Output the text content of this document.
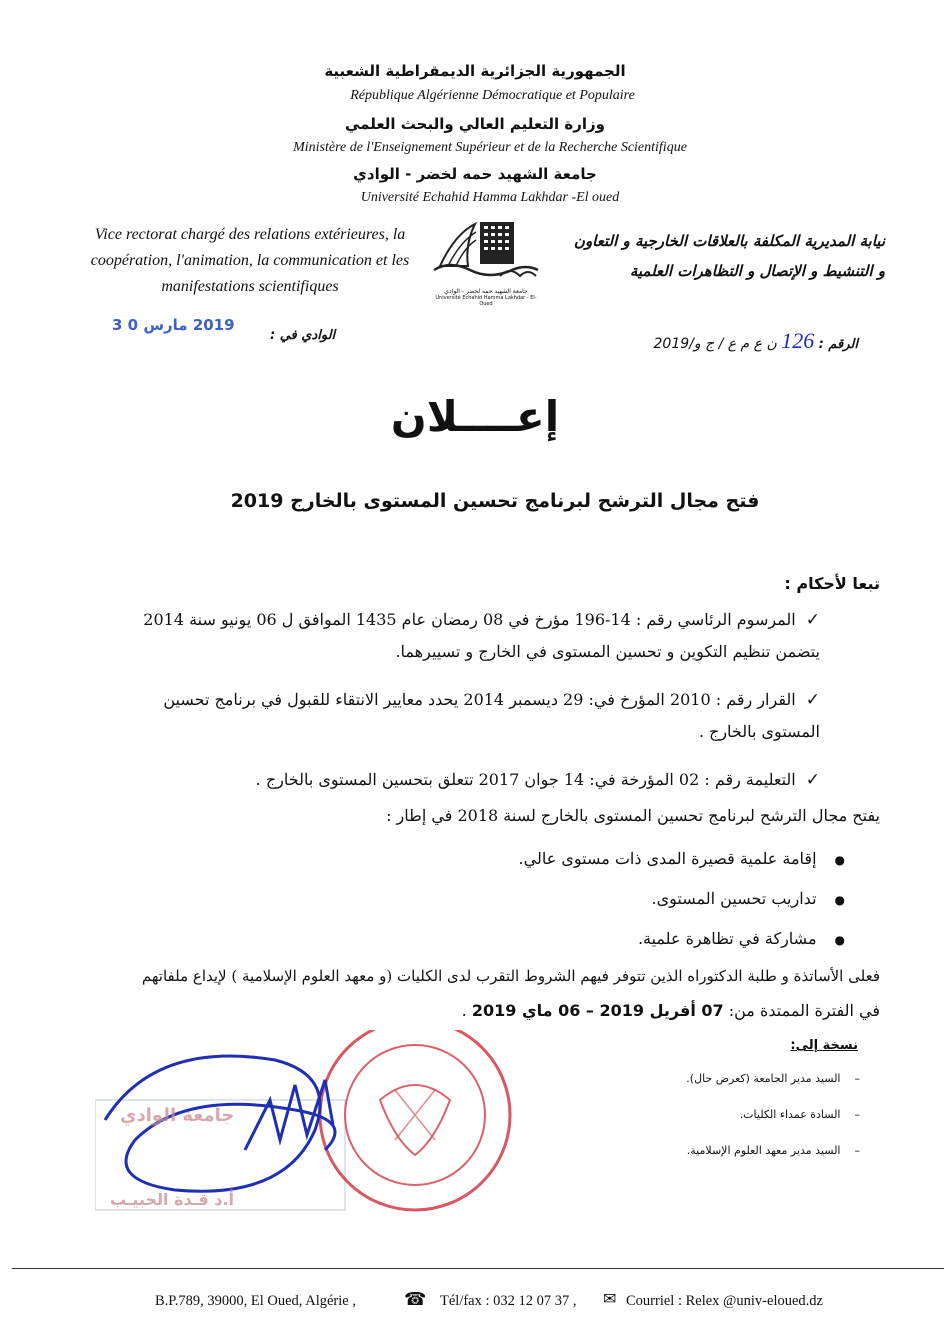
الجمهورية الجزائرية الديمقراطية الشعبية
République Algérienne Démocratique et Populaire
وزارة التعليم العالي والبحث العلمي
Ministère de l'Enseignement Supérieur et de la Recherche Scientifique
جامعة الشهيد حمه لخضر - الوادي
Université Echahid Hamma Lakhdar -El oued
Vice rectorat chargé des relations extérieures, la coopération, l'animation, la communication et les manifestations scientifiques
نيابة المديرية المكلفة بالعلاقات الخارجية و التعاون
و التنشيط و الإتصال و التظاهرات العلمية
جامعة الشهيد حمه لخضر - الوادي
Université Echahid Hamma Lakhdar - El-Oued
2019 مارس 0 3
الوادي في :
الرقم : 126 ن ع م ع / ج و/2019
إعــــلان
فتح مجال الترشح لبرنامج تحسين المستوى بالخارج 2019
تبعا لأحكام :
✓المرسوم الرئاسي رقم : 14-196 مؤرخ في 08 رمضان عام 1435 الموافق ل 06 يونيو سنة 2014 يتضمن تنظيم التكوين و تحسين المستوى في الخارج و تسييرهما.
✓القرار رقم : 2010 المؤرخ في: 29 ديسمبر 2014 يحدد معايير الانتقاء للقبول في برنامج تحسين المستوى بالخارج .
✓التعليمة رقم : 02 المؤرخة في: 14 جوان 2017 تتعلق بتحسين المستوى بالخارج .
يفتح مجال الترشح لبرنامج تحسين المستوى بالخارج لسنة 2018 في إطار :
●إقامة علمية قصيرة المدى ذات مستوى عالي.
●تداريب تحسين المستوى.
●مشاركة في تظاهرة علمية.
فعلى الأساتذة و طلبة الدكتوراه الذين تتوفر فيهم الشروط التقرب لدى الكليات (و معهد العلوم الإسلامية ) لإيداع ملفاتهم
في الفترة الممتدة من: 07 أفريل 2019 – 06 ماي 2019 .
نسخة إلى:
–    السيد مدير الجامعة (كعرض حال).
–    السادة عمداء الكليات.
–    السيد مدير معهد العلوم الإسلامية.
جامعة الوادي
أ.د قـدة الحبيـب
B.P.789, 39000, El Oued, Algérie ,	☎ Tél/fax : 032 12 07 37 , ✉ Courriel : Relex @univ-eloued.dz
